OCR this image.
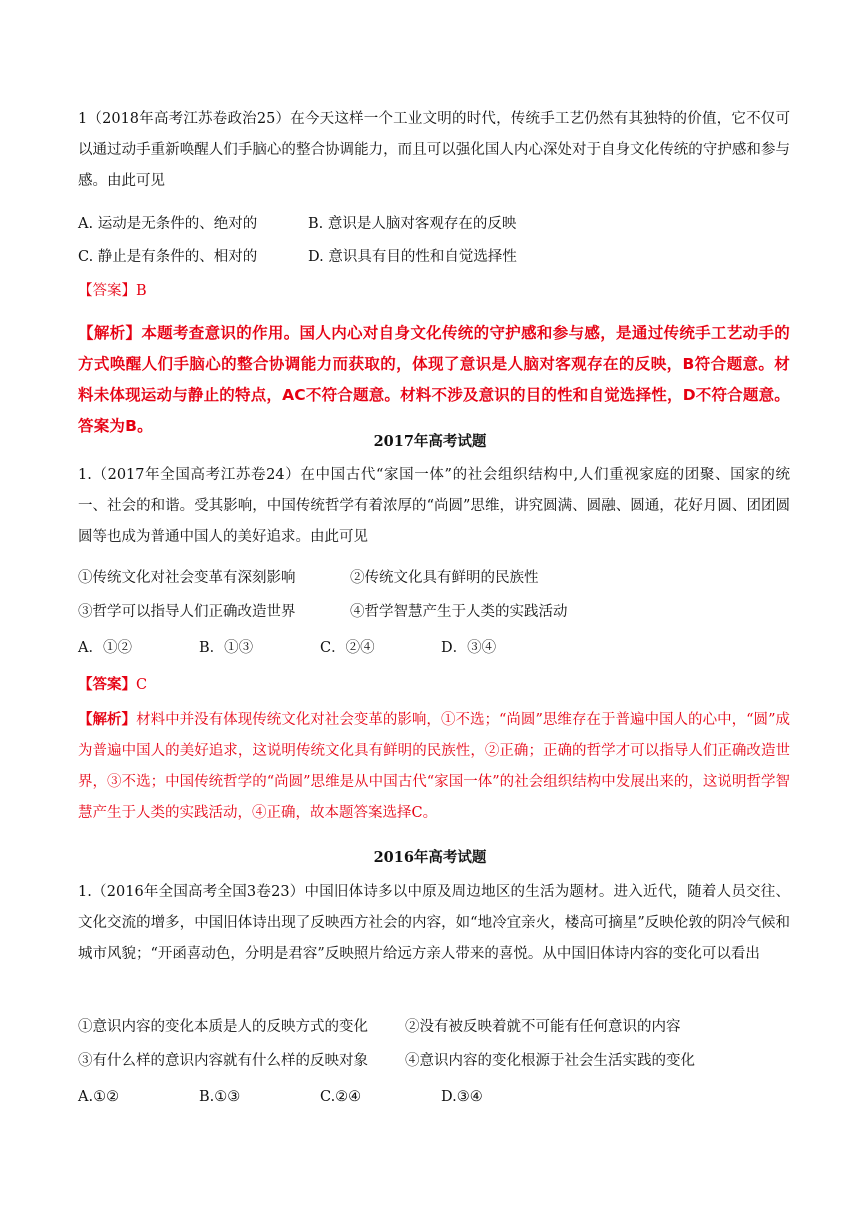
1（2018年高考江苏卷政治25）在今天这样一个工业文明的时代，传统手工艺仍然有其独特的价值，它不仅可以通过动手重新唤醒人们手脑心的整合协调能力，而且可以强化国人内心深处对于自身文化传统的守护感和参与感。由此可见

A. 运动是无条件的、绝对的	B. 意识是人脑对客观存在的反映
C. 静止是有条件的、相对的	D. 意识具有目的性和自觉选择性
【答案】B

【解析】本题考查意识的作用。国人内心对自身文化传统的守护感和参与感，是通过传统手工艺动手的方式唤醒人们手脑心的整合协调能力而获取的，体现了意识是人脑对客观存在的反映，B符合题意。材料未体现运动与静止的特点，AC不符合题意。材料不涉及意识的目的性和自觉选择性，D不符合题意。答案为B。

2017年高考试题

1.（2017年全国高考江苏卷24）在中国古代“家国一体”的社会组织结构中,人们重视家庭的团聚、国家的统一、社会的和谐。受其影响，中国传统哲学有着浓厚的“尚圆”思维，讲究圆满、圆融、圆通，花好月圆、团团圆圆等也成为普通中国人的美好追求。由此可见

①传统文化对社会变革有深刻影响	②传统文化具有鲜明的民族性
③哲学可以指导人们正确改造世界	④哲学智慧产生于人类的实践活动
A．①②	B．①③	C．②④	D．③④
【答案】C

【解析】材料中并没有体现传统文化对社会变革的影响，①不选；“尚圆”思维存在于普遍中国人的心中，“圆”成为普遍中国人的美好追求，这说明传统文化具有鲜明的民族性，②正确；正确的哲学才可以指导人们正确改造世界，③不选；中国传统哲学的“尚圆”思维是从中国古代“家国一体”的社会组织结构中发展出来的，这说明哲学智慧产生于人类的实践活动，④正确，故本题答案选择C。

2016年高考试题

1.（2016年全国高考全国3卷23）中国旧体诗多以中原及周边地区的生活为题材。进入近代，随着人员交往、文化交流的增多，中国旧体诗出现了反映西方社会的内容，如“地冷宜亲火，楼高可摘星”反映伦敦的阴冷气候和城市风貌；“开函喜动色，分明是君容”反映照片给远方亲人带来的喜悦。从中国旧体诗内容的变化可以看出

①意识内容的变化本质是人的反映方式的变化	②没有被反映着就不可能有任何意识的内容
③有什么样的意识内容就有什么样的反映对象	④意识内容的变化根源于社会生活实践的变化
A.①②	B.①③	C.②④	D.③④
